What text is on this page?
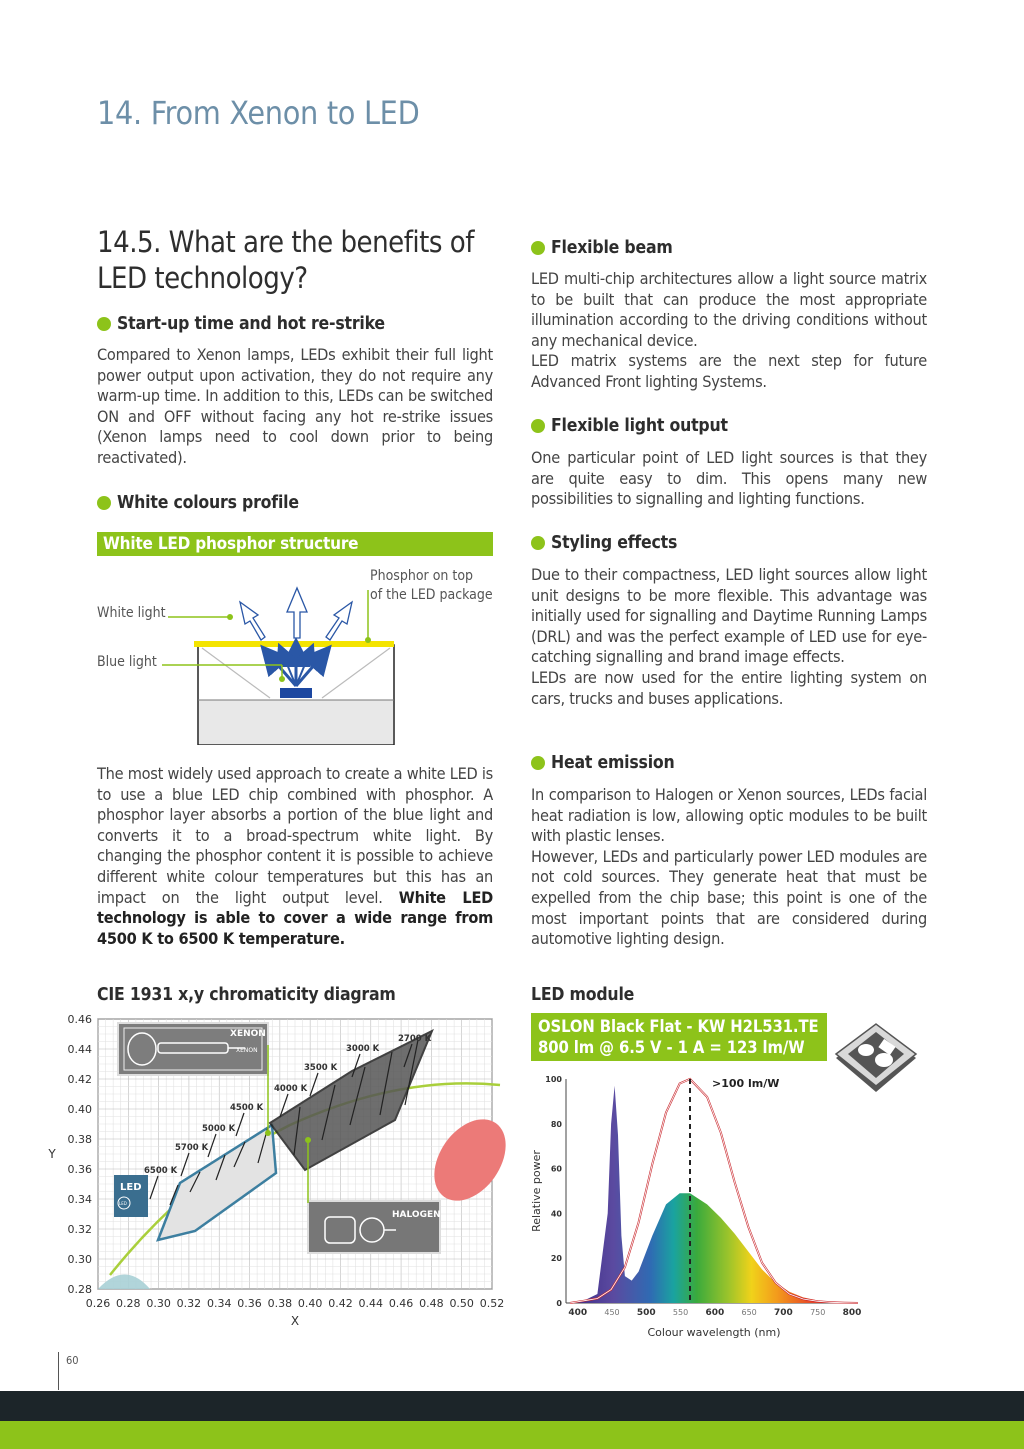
14. From Xenon to LED
14.5. What are the benefits of LED technology?
Start-up time and hot re-strike
Compared to Xenon lamps, LEDs exhibit their full light power output upon activation, they do not require any warm-up time. In addition to this, LEDs can be switched ON and OFF without facing any hot re-strike issues (Xenon lamps need to cool down prior to being reactivated).
White colours profile
White LED phosphor structure
Phosphor on top
of the LED package
White light
Blue light
The most widely used approach to create a white LED is to use a blue LED chip combined with phosphor. A phosphor layer absorbs a portion of the blue light and converts it to a broad-spectrum white light. By changing the phosphor content it is possible to achieve different white colour temperatures but this has an impact on the light output level. White LED technology is able to cover a wide range from 4500 K to 6500 K temperature.
Flexible beam
LED multi-chip architectures allow a light source matrix to be built that can produce the most appropriate illumination according to the driving conditions without any mechanical device.
LED matrix systems are the next step for future Advanced Front lighting Systems.
Flexible light output
One particular point of LED light sources is that they are quite easy to dim. This opens many new possibilities to signalling and lighting functions.
Styling effects
Due to their compactness, LED light sources allow light unit designs to be more flexible. This advantage was initially used for signalling and Daytime Running Lamps (DRL) and was the perfect example of LED use for eye-catching signalling and brand image effects.
LEDs are now used for the entire lighting system on cars, trucks and buses applications.
Heat emission
In comparison to Halogen or Xenon sources, LEDs facial heat radiation is low, allowing optic modules to be built with plastic lenses.
However, LEDs and particularly power LED modules are not cold sources. They generate heat that must be expelled from the chip base; this point is one of the most important points that are considered during automotive lighting design.
CIE 1931 x,y chromaticity diagram
0.26 0.28 0.30 0.32 0.34 0.36 0.38 0.40 0.42 0.44 0.46 0.48 0.50 0.52
0.28
0.30
0.32
0.34
0.36
0.38
0.40
0.42
0.44
0.46
X
Y
XENON
XENON
HALOGEN
LED
LED
2700 K
3000 K
3500 K
4000 K
4500 K
5000 K
5700 K
6500 K
LED module
OSLON Black Flat - KW H2L531.TE
800 lm @ 6.5 V - 1 A = 123 lm/W
>100 lm/W
400 450 500 550 600 650 700 750 800
0
20
40
60
80
100
Colour wavelength (nm)
Relative power
60
